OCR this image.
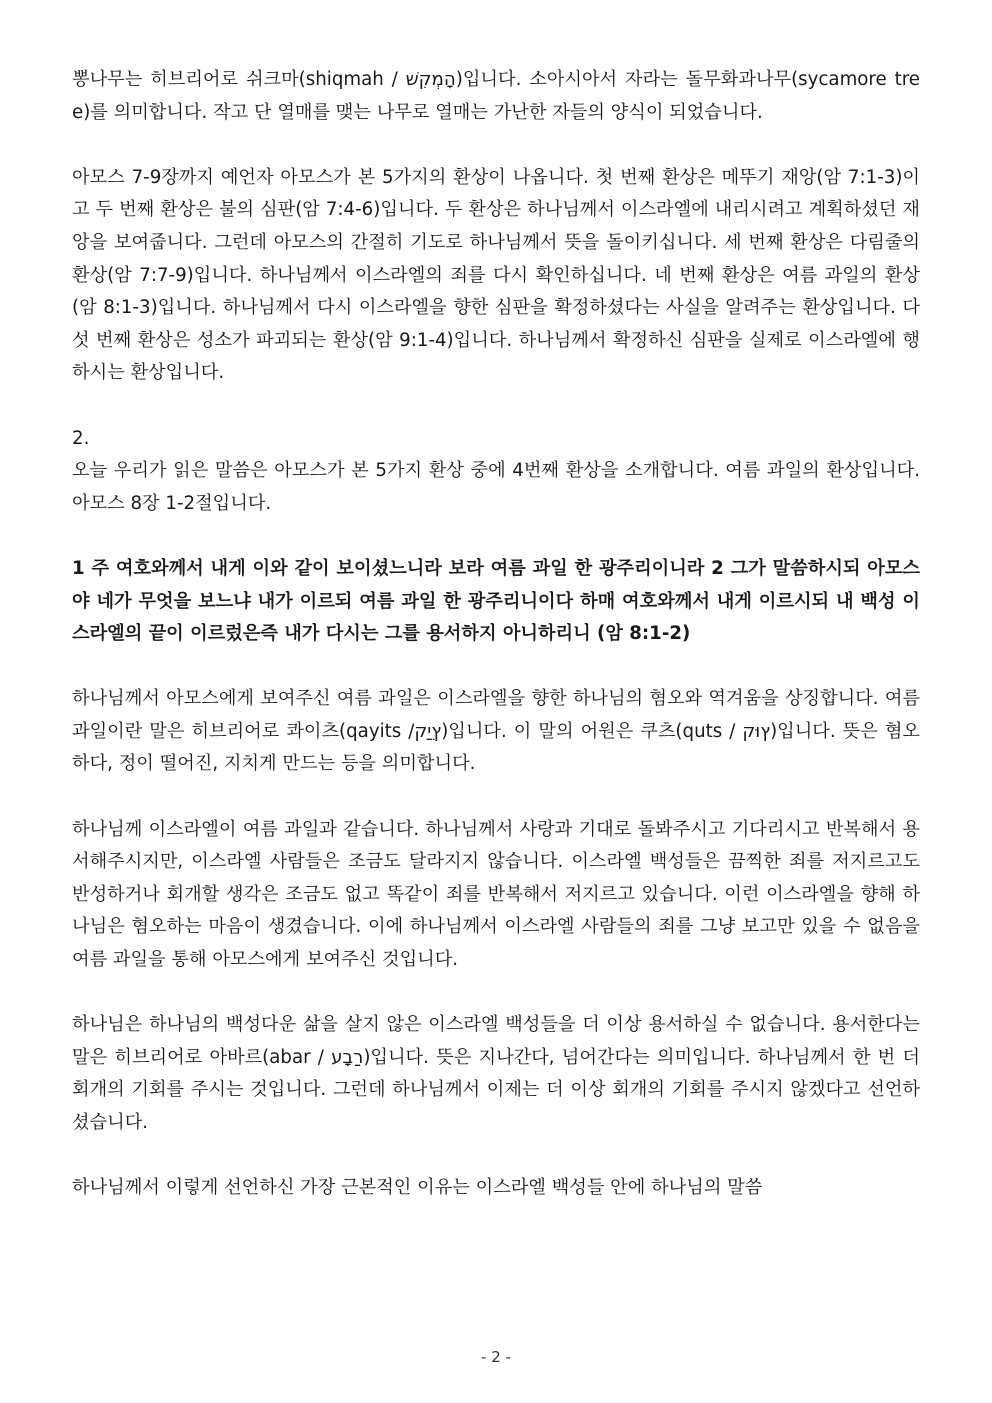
뽕나무는 히브리어로 쉬크마(shiqmah / הָמְקִשׁ)입니다. 소아시아서 자라는 돌무화과나무(sycamore tree)를 의미합니다. 작고 단 열매를 맺는 나무로 열매는 가난한 자들의 양식이 되었습니다.

아모스 7-9장까지 예언자 아모스가 본 5가지의 환상이 나옵니다. 첫 번째 환상은 메뚜기 재앙(암 7:1-3)이고 두 번째 환상은 불의 심판(암 7:4-6)입니다. 두 환상은 하나님께서 이스라엘에 내리시려고 계획하셨던 재앙을 보여줍니다. 그런데 아모스의 간절히 기도로 하나님께서 뜻을 돌이키십니다. 세 번째 환상은 다림줄의 환상(암 7:7-9)입니다. 하나님께서 이스라엘의 죄를 다시 확인하십니다. 네 번째 환상은 여름 과일의 환상(암 8:1-3)입니다. 하나님께서 다시 이스라엘을 향한 심판을 확정하셨다는 사실을 알려주는 환상입니다. 다섯 번째 환상은 성소가 파괴되는 환상(암 9:1-4)입니다. 하나님께서 확정하신 심판을 실제로 이스라엘에 행하시는 환상입니다.

2.

오늘 우리가 읽은 말씀은 아모스가 본 5가지 환상 중에 4번째 환상을 소개합니다. 여름 과일의 환상입니다. 아모스 8장 1-2절입니다.

1 주 여호와께서 내게 이와 같이 보이셨느니라 보라 여름 과일 한 광주리이니라 2 그가 말씀하시되 아모스야 네가 무엇을 보느냐 내가 이르되 여름 과일 한 광주리니이다 하매 여호와께서 내게 이르시되 내 백성 이스라엘의 끝이 이르렀은즉 내가 다시는 그를 용서하지 아니하리니 (암 8:1-2)

하나님께서 아모스에게 보여주신 여름 과일은 이스라엘을 향한 하나님의 혐오와 역겨움을 상징합니다. 여름 과일이란 말은 히브리어로 콰이츠(qayits /ץִיַק)입니다. 이 말의 어원은 쿠츠(quts / ץוּק)입니다. 뜻은 혐오하다, 정이 떨어진, 지치게 만드는 등을 의미합니다.

하나님께 이스라엘이 여름 과일과 같습니다. 하나님께서 사랑과 기대로 돌봐주시고 기다리시고 반복해서 용서해주시지만, 이스라엘 사람들은 조금도 달라지지 않습니다. 이스라엘 백성들은 끔찍한 죄를 저지르고도 반성하거나 회개할 생각은 조금도 없고 똑같이 죄를 반복해서 저지르고 있습니다. 이런 이스라엘을 향해 하나님은 혐오하는 마음이 생겼습니다. 이에 하나님께서 이스라엘 사람들의 죄를 그냥 보고만 있을 수 없음을 여름 과일을 통해 아모스에게 보여주신 것입니다.

하나님은 하나님의 백성다운 삶을 살지 않은 이스라엘 백성들을 더 이상 용서하실 수 없습니다. 용서한다는 말은 히브리어로 아바르(abar / רַבָע)입니다. 뜻은 지나간다, 넘어간다는 의미입니다. 하나님께서 한 번 더 회개의 기회를 주시는 것입니다. 그런데 하나님께서 이제는 더 이상 회개의 기회를 주시지 않겠다고 선언하셨습니다.

하나님께서 이렇게 선언하신 가장 근본적인 이유는 이스라엘 백성들 안에 하나님의 말씀

- 2 -
